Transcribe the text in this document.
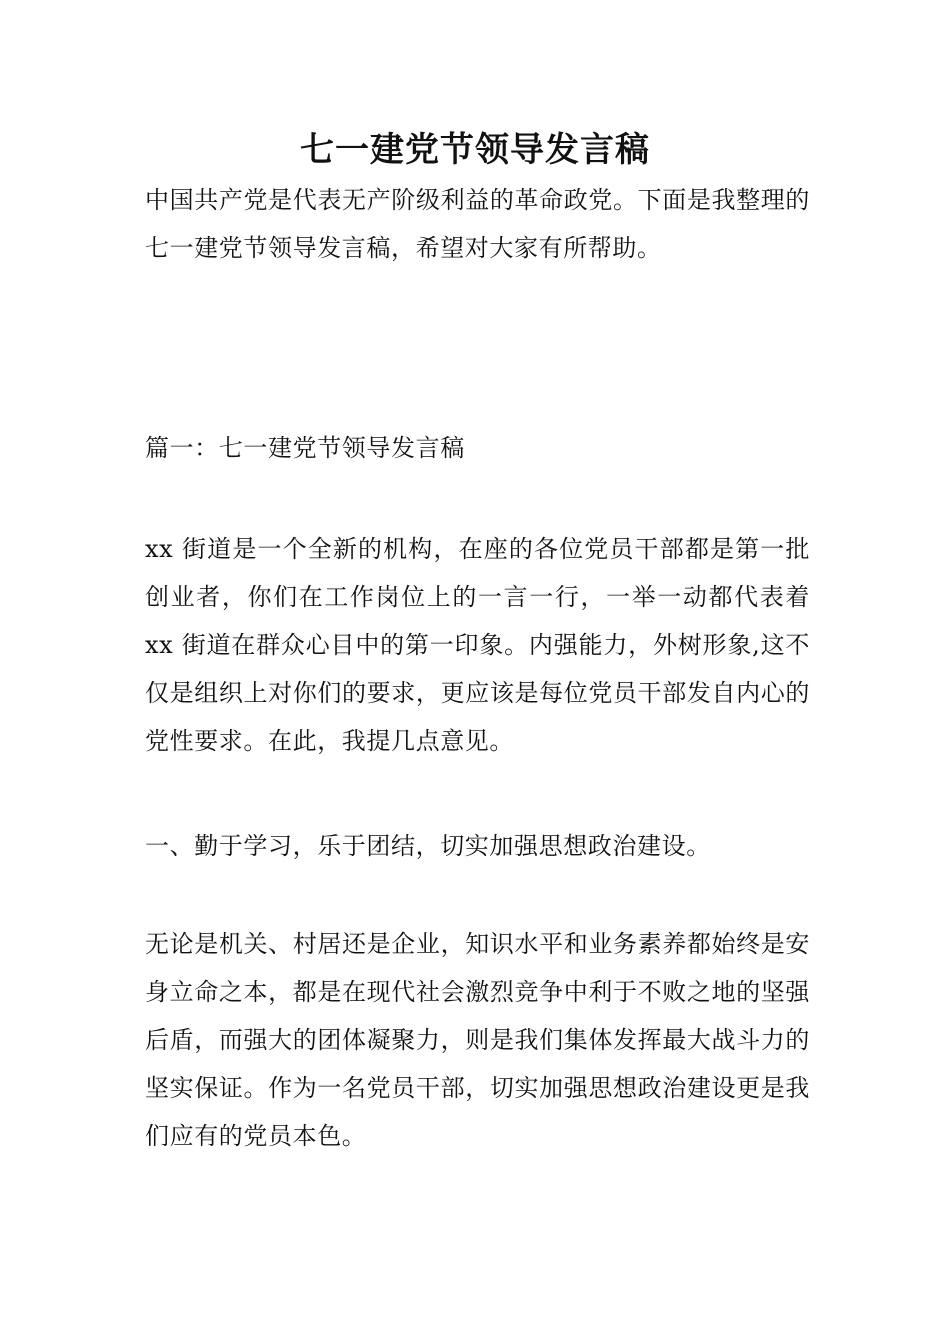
七一建党节领导发言稿

中国共产党是代表无产阶级利益的革命政党。下面是我整理的七一建党节领导发言稿，希望对大家有所帮助。

篇一：七一建党节领导发言稿

xx 街道是一个全新的机构，在座的各位党员干部都是第一批创业者，你们在工作岗位上的一言一行，一举一动都代表着 xx 街道在群众心目中的第一印象。内强能力，外树形象,这不仅是组织上对你们的要求，更应该是每位党员干部发自内心的党性要求。在此，我提几点意见。

一、勤于学习，乐于团结，切实加强思想政治建设。

无论是机关、村居还是企业，知识水平和业务素养都始终是安身立命之本，都是在现代社会激烈竞争中利于不败之地的坚强后盾，而强大的团体凝聚力，则是我们集体发挥最大战斗力的坚实保证。作为一名党员干部，切实加强思想政治建设更是我们应有的党员本色。
